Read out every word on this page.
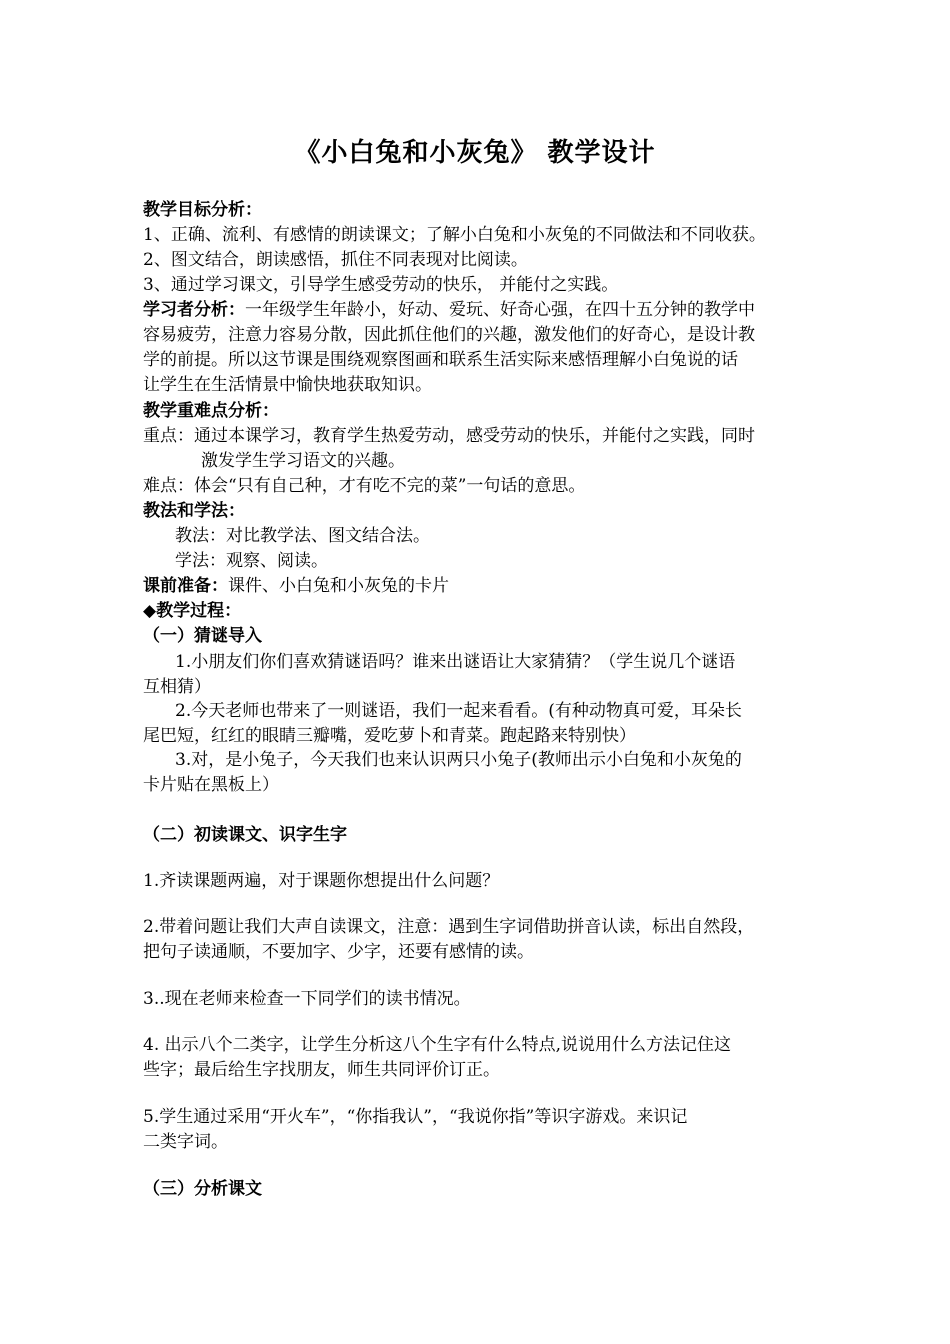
《小白兔和小灰兔》 教学设计
教学目标分析：
1、正确、流利、有感情的朗读课文；了解小白兔和小灰兔的不同做法和不同收获。
2、图文结合，朗读感悟，抓住不同表现对比阅读。
3、通过学习课文，引导学生感受劳动的快乐， 并能付之实践。
学习者分析：一年级学生年龄小，好动、爱玩、好奇心强，在四十五分钟的教学中
容易疲劳，注意力容易分散，因此抓住他们的兴趣，激发他们的好奇心，是设计教
学的前提。所以这节课是围绕观察图画和联系生活实际来感悟理解小白兔说的话
让学生在生活情景中愉快地获取知识。
教学重难点分析：
重点：通过本课学习，教育学生热爱劳动，感受劳动的快乐，并能付之实践，同时
激发学生学习语文的兴趣。
难点：体会“只有自己种，才有吃不完的菜”一句话的意思。
教法和学法：
教法：对比教学法、图文结合法。
学法：观察、阅读。
课前准备：课件、小白兔和小灰兔的卡片
◆教学过程：
（一）猜谜导入
1.小朋友们你们喜欢猜谜语吗？谁来出谜语让大家猜猜？（学生说几个谜语
互相猜）
2.今天老师也带来了一则谜语，我们一起来看看。(有种动物真可爱，耳朵长
尾巴短，红红的眼睛三瓣嘴，爱吃萝卜和青菜。跑起路来特别快）
3.对，是小兔子，今天我们也来认识两只小兔子(教师出示小白兔和小灰兔的
卡片贴在黑板上）
（二）初读课文、识字生字
1.齐读课题两遍，对于课题你想提出什么问题？
2.带着问题让我们大声自读课文，注意：遇到生字词借助拼音认读，标出自然段，
把句子读通顺，不要加字、少字，还要有感情的读。
3..现在老师来检查一下同学们的读书情况。
4. 出示八个二类字，让学生分析这八个生字有什么特点,说说用什么方法记住这
些字；最后给生字找朋友，师生共同评价订正。
5.学生通过采用“开火车”，“你指我认”，“我说你指”等识字游戏。来识记
二类字词。
（三）分析课文
